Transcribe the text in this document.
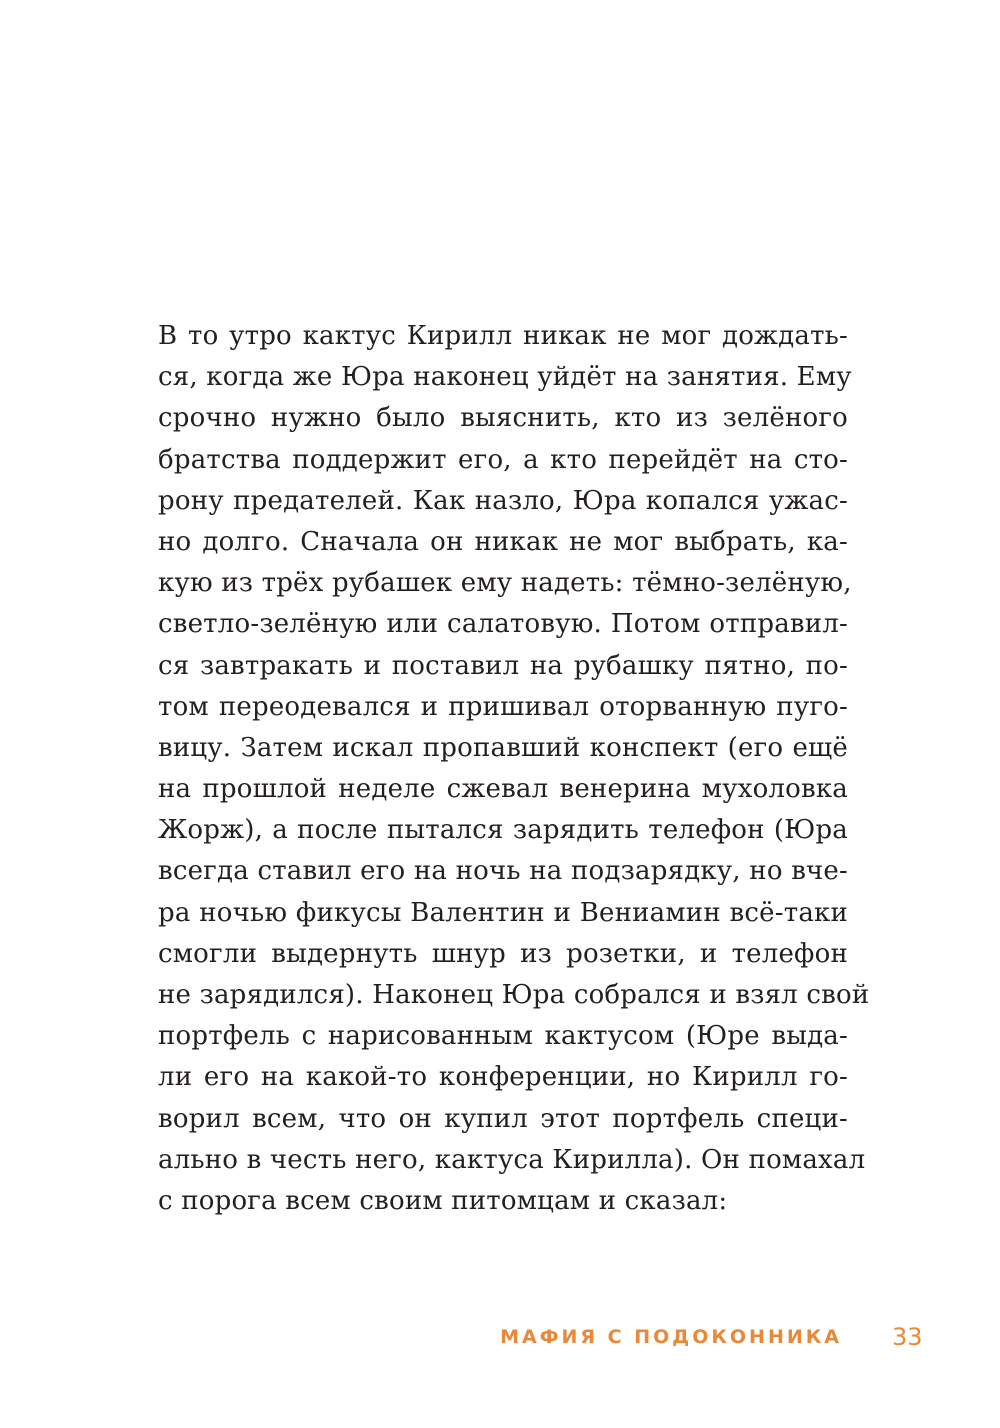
В то утро кактус Кирилл никак не мог дождать-
ся, когда же Юра наконец уйдёт на занятия. Ему
срочно нужно было выяснить, кто из зелёного
братства поддержит его, а кто перейдёт на сто-
рону предателей. Как назло, Юра копался ужас-
но долго. Сначала он никак не мог выбрать, ка-
кую из трёх рубашек ему надеть: тёмно-зелёную,
светло-зелёную или салатовую. Потом отправил-
ся завтракать и поставил на рубашку пятно, по-
том переодевался и пришивал оторванную пуго-
вицу. Затем искал пропавший конспект (его ещё
на прошлой неделе сжевал венерина мухоловка
Жорж), а после пытался зарядить телефон (Юра
всегда ставил его на ночь на подзарядку, но вче-
ра ночью фикусы Валентин и Вениамин всё-таки
смогли выдернуть шнур из розетки, и телефон
не зарядился). Наконец Юра собрался и взял свой
портфель с нарисованным кактусом (Юре выда-
ли его на какой-то конференции, но Кирилл го-
ворил всем, что он купил этот портфель специ-
ально в честь него, кактуса Кирилла). Он помахал
с порога всем своим питомцам и сказал:
МАФИЯ С ПОДОКОННИКА 33
